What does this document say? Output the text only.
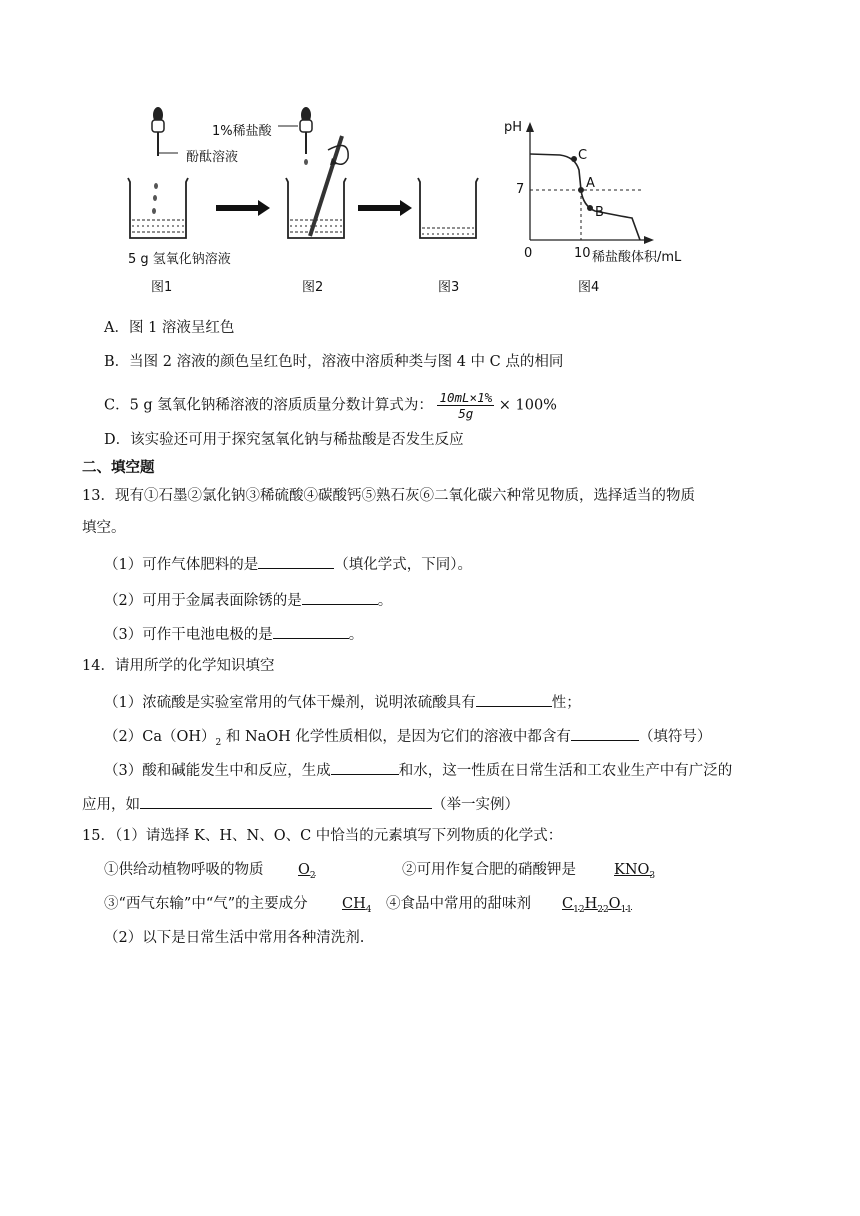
酚酞溶液
5 g 氢氧化钠溶液
图1
1%稀盐酸
图2	图3
pH
7
0	10 稀盐酸体积/mL
C
A
B
图4
A．图 1 溶液呈红色
B．当图 2 溶液的颜色呈红色时，溶液中溶质种类与图 4 中 C 点的相同
C．5 g 氢氧化钠稀溶液的溶质质量分数计算式为： $\frac{10mL\times 1\%}{5g} \times 100\%$
D．该实验还可用于探究氢氧化钠与稀盐酸是否发生反应
二、填空题
13．现有①石墨②氯化钠③稀硫酸④碳酸钙⑤熟石灰⑥二氧化碳六种常见物质，选择适当的物质
填空。
（1）可作气体肥料的是	（填化学式，下同）。
（2）可用于金属表面除锈的是	。
（3）可作干电池电极的是	。
14．请用所学的化学知识填空
（1）浓硫酸是实验室常用的气体干燥剂，说明浓硫酸具有	性；
$(2)Ca(OH)_2$ 和 NaOH 化学性质相似，是因为它们的溶液中都含有	（填符号）
（3）酸和碱能发生中和反应，生成	和水，这一性质在日常生活和工农业生产中有广泛的
应用，如	（举一实例）
15．（1）请选择 K、H、N、O、C 中恰当的元素填写下列物质的化学式：
①供给动植物呼吸的物质 $O_2$	②可用作复合肥的硝酸钾是	$KNO_3$
③“西气东输”中“气”的主要成分 $CH_4$ ④食品中常用的甜味剂 $C_{12}H_{22}O_{11}$
（2）以下是日常生活中常用各种清洗剂.
